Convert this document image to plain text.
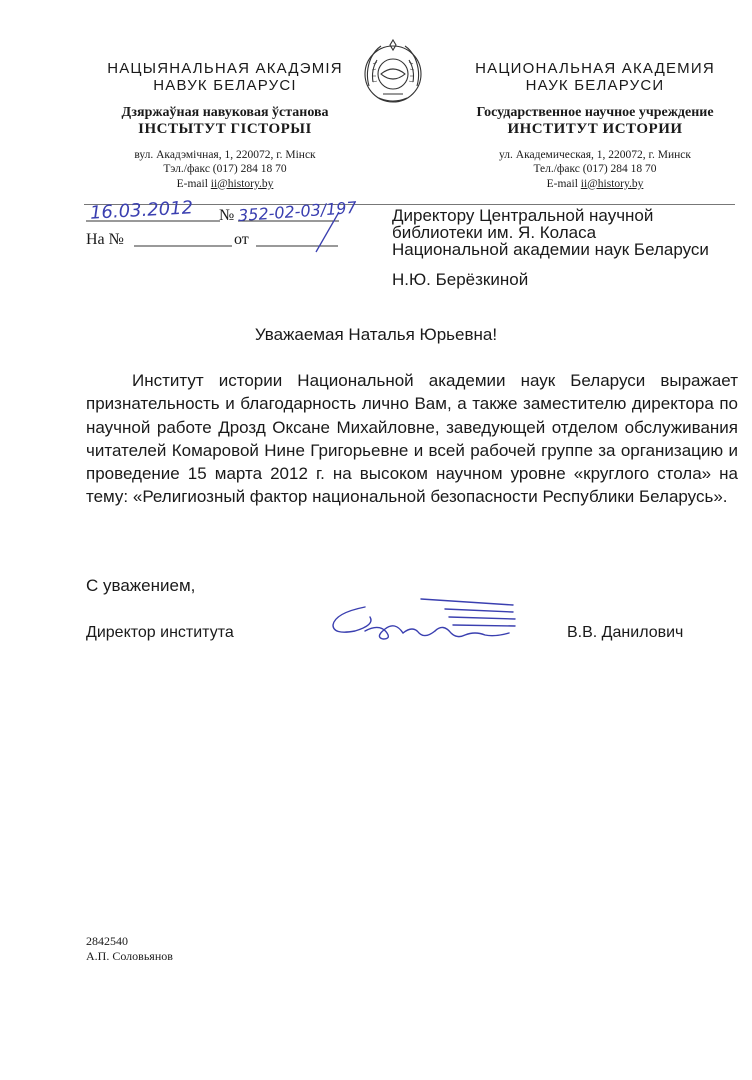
НАЦЫЯНАЛЬНАЯ АКАДЭМІЯ
НАВУК БЕЛАРУСІ
Дзяржаўная навуковая ўстанова
ІНСТЫТУТ ГІСТОРЫІ
вул. Акадэмічная, 1, 220072, г. Мінск
Тэл./факс (017) 284 18 70
E-mail ii@history.by
НАЦИОНАЛЬНАЯ АКАДЕМИЯ
НАУК БЕЛАРУСИ
Государственное научное учреждение
ИНСТИТУТ ИСТОРИИ
ул. Академическая, 1, 220072, г. Минск
Тел./факс (017) 284 18 70
E-mail ii@history.by
16.03.2012 № 352-02-03/197
На №	от
Директору Центральной научной
библиотеки им. Я. Коласа
Национальной академии наук Беларуси
Н.Ю. Берёзкиной
Уважаемая Наталья Юрьевна!
Институт истории Национальной академии наук Беларуси выражает признательность и благодарность лично Вам, а также заместителю директора по научной работе Дрозд Оксане Михайловне, заведующей отделом обслуживания читателей Комаровой Нине Григорьевне и всей рабочей группе за организацию и проведение 15 марта 2012 г. на высоком научном уровне «круглого стола» на тему: «Религиозный фактор национальной безопасности Республики Беларусь».
С уважением,
Директор института	В.В. Данилович
2842540
А.П. Соловьянов
